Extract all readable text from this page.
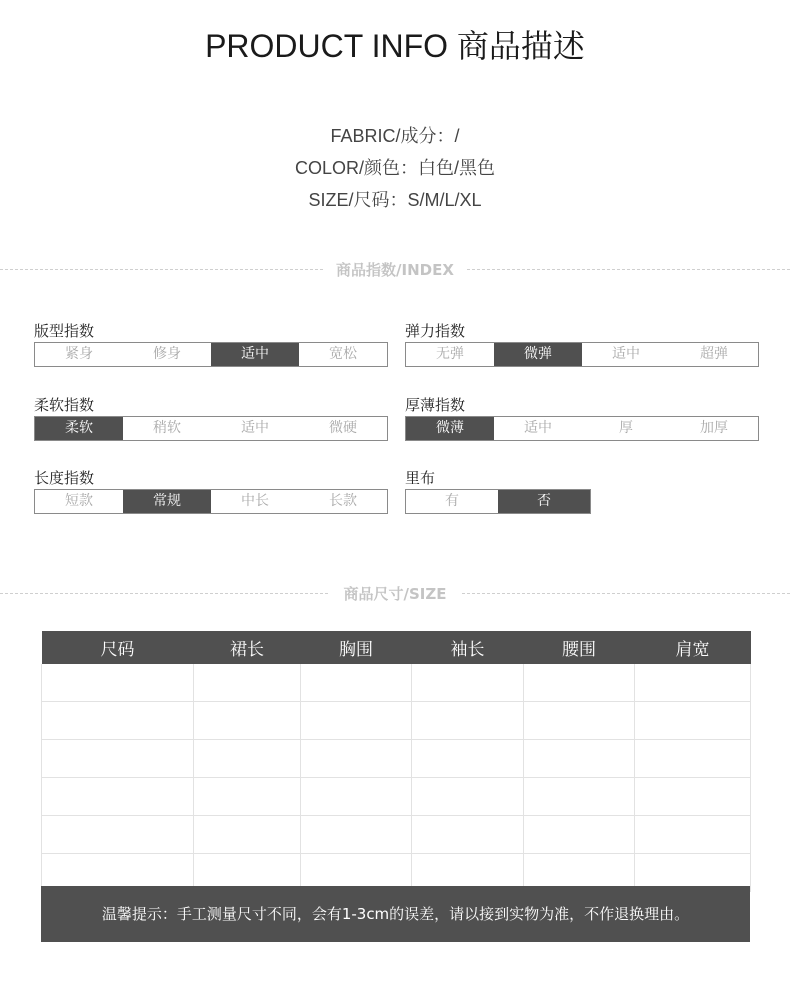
PRODUCT INFO 商品描述
FABRIC/成分：/
COLOR/颜色：白色/黑色
SIZE/尺码：S/M/L/XL
商品指数/INDEX
版型指数
紧身	修身	适中	宽松
弹力指数
无弹	微弹	适中	超弹
柔软指数
柔软	稍软	适中	微硬
厚薄指数
微薄	适中	厚	加厚
长度指数
短款	常规	中长	长款
里布
有	否
商品尺寸/SIZE
尺码	裙长	胸围	袖长	腰围	肩宽

温馨提示：手工测量尺寸不同，会有1-3cm的误差，请以接到实物为准，不作退换理由。
